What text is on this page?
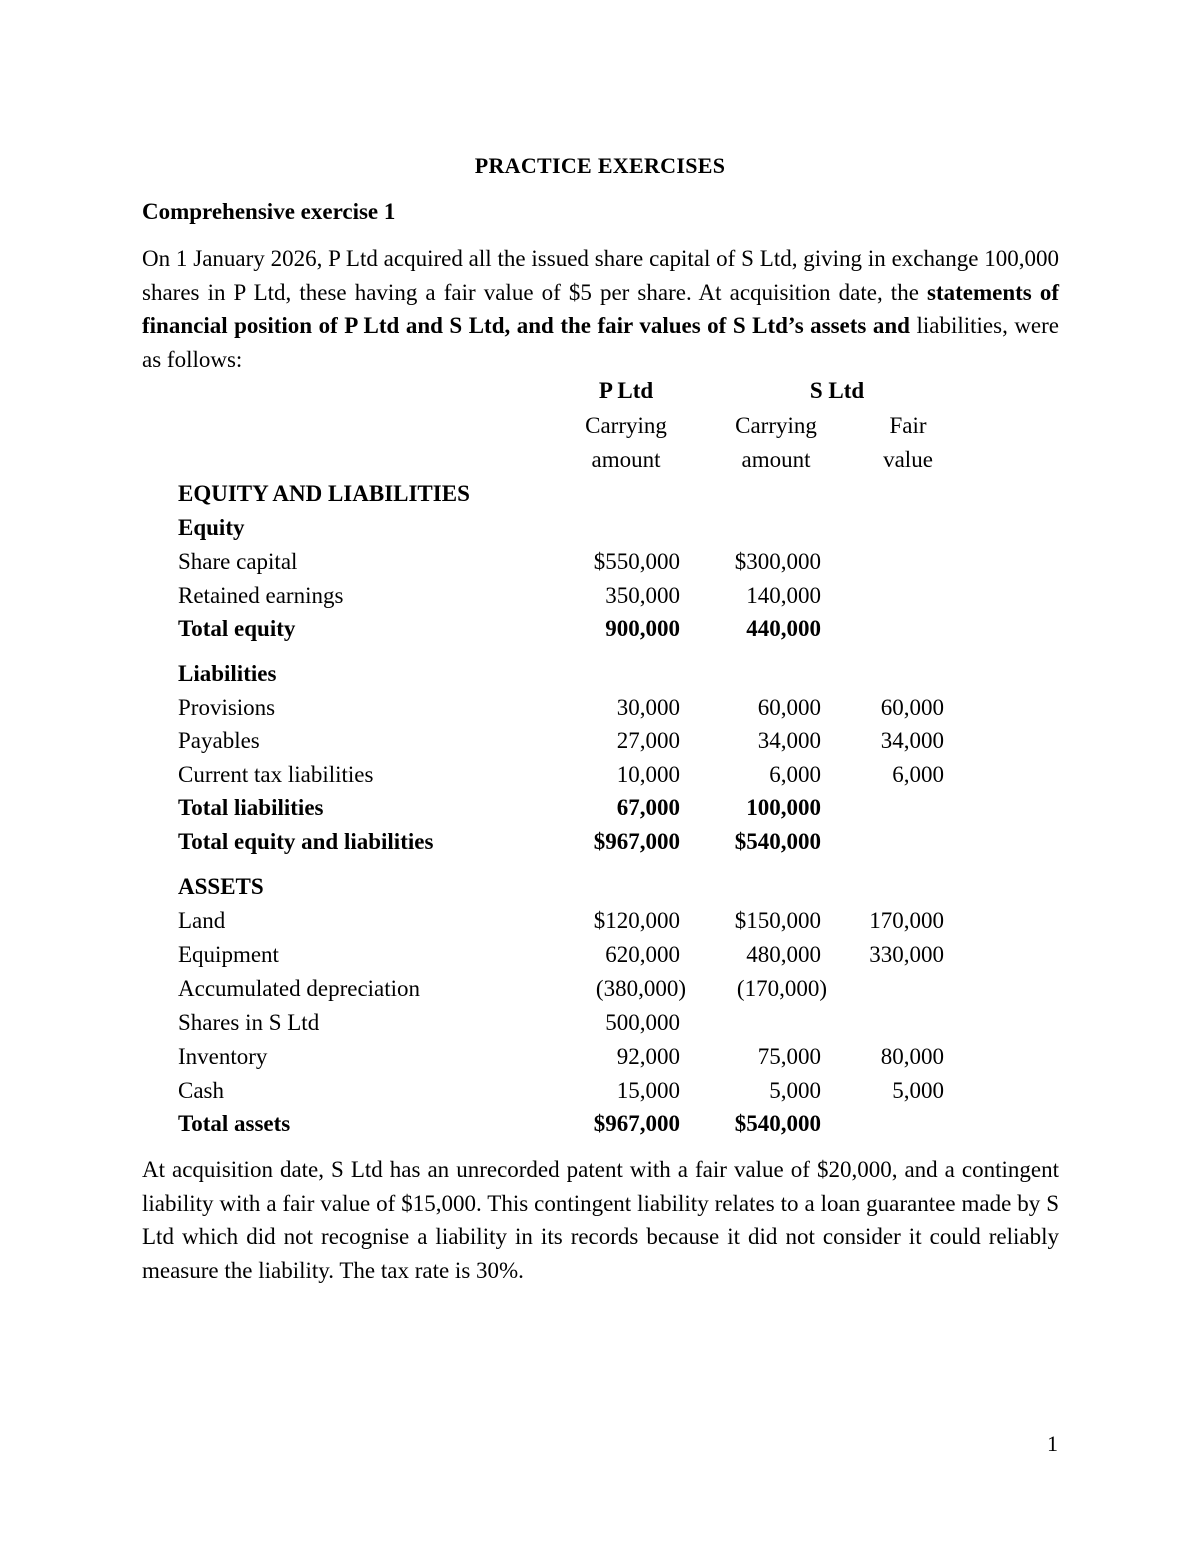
PRACTICE EXERCISES
Comprehensive exercise 1
On 1 January 2026, P Ltd acquired all the issued share capital of S Ltd, giving in exchange 100,000 shares in P Ltd, these having a fair value of $5 per share. At acquisition date, the statements of financial position of P Ltd and S Ltd, and the fair values of S Ltd’s assets and liabilities, were as follows:
P Ltd	S Ltd
Carrying	Carrying	Fair
amount	amount	value
EQUITY AND LIABILITIES
Equity
Share capital	$550,000 $300,000
Retained earnings	350,000	140,000
Total equity	900,000	440,000
Liabilities
Provisions	30,000	60,000	60,000
Payables	27,000	34,000	34,000
Current tax liabilities	10,000	6,000	6,000
Total liabilities	67,000	100,000
Total equity and liabilities	$967,000 $540,000
ASSETS
Land	$120,000 $150,000 170,000
Equipment	620,000	480,000 330,000
Accumulated depreciation	(380,000) (170,000)
Shares in S Ltd	500,000
Inventory	92,000	75,000	80,000
Cash	15,000	5,000	5,000
Total assets	$967,000 $540,000
At acquisition date, S Ltd has an unrecorded patent with a fair value of $20,000, and a contingent liability with a fair value of $15,000. This contingent liability relates to a loan guarantee made by S Ltd which did not recognise a liability in its records because it did not consider it could reliably measure the liability. The tax rate is 30%.
1
